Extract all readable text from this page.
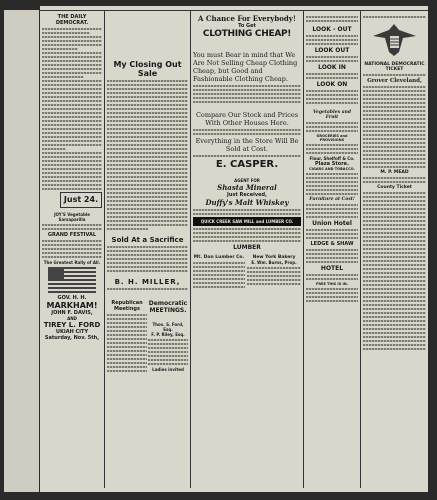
THE DAILY DEMOCRAT.
Just 24.
JOY'S Vegetable Sarsaparilla
GRAND FESTIVAL
The Greatest Rally of All.
GOV. H. H.
MARKHAM!
JOHN F. DAVIS,
AND
TIREY L. FORD
UKIAH CITY
Saturday, Nov. 5th,
My Closing Out Sale
Sold At a Sacrifice
B. H. MILLER,
Republican Meetings
Democratic MEETINGS.
Thos. S. Ford, Esq.
F. P. Riley, Esq.
Ladies invited
A Chance For Everybody!
To Get
CLOTHING CHEAP!
You must Bear in mind that We Are Not Selling Cheap Clothing Cheap, but Good and Fashionable Clothing Cheap.
Compare Our Stock and Prices With Other Houses Here.
Everything in the Store Will Be Sold at Cost.
E. CASPER.
AGENT FOR
Shasta Mineral
Just Received,
Duffy's Malt Whiskey
QUICK CREEK SAW MILL and LUMBER CO.
LUMBER
Mt. Don Lumber Co.	New York Bakery
E. Wm. Burns, Prop.
LOOK - OUT
LOOK OUT
LOOK IN
LOOK ON
Vegetables and Fruit
GROCERIES and PROVISIONS
Flour, Shelfoff & Co.
Plaza Store.
CIGARS AND TOBACCO.
Furniture at Cost!
Union Hotel
LEDGE & SHAW
HOTEL
FREE THIS IS IN.
NATIONAL DEMOCRATIC TICKET
Grover Cleveland,
M. P. MEAD
County Ticket
